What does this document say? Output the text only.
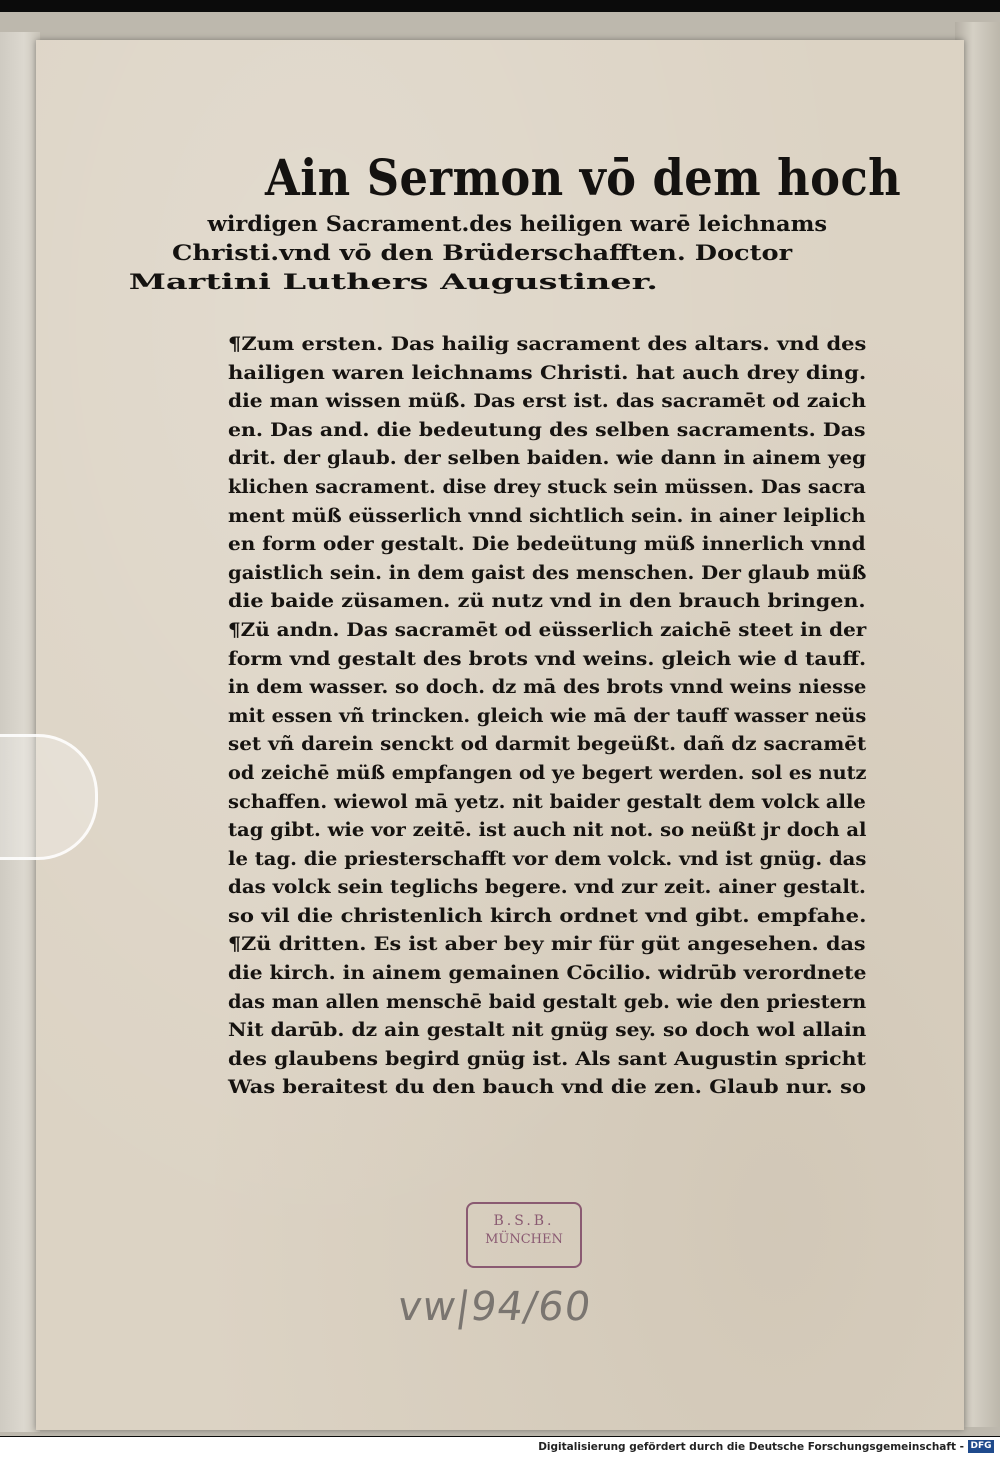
Ain Sermon vō dem hoch
wirdigen Sacrament.des heiligen warē leichnams
Christi.vnd vō den Brüderschafften. Doctor
Martini Luthers Augustiner.
¶Zum ersten. Das hailig sacrament des altars. vnd des
hailigen waren leichnams Christi. hat auch drey ding.
die man wissen müß. Das erst ist. das sacramēt od zaich
en. Das and. die bedeutung des selben sacraments. Das
drit. der glaub. der selben baiden. wie dann in ainem yeg
klichen sacrament. dise drey stuck sein müssen. Das sacra
ment müß eüsserlich vnnd sichtlich sein. in ainer leiplich
en form oder gestalt. Die bedeütung müß innerlich vnnd
gaistlich sein. in dem gaist des menschen. Der glaub müß
die baide züsamen. zü nutz vnd in den brauch bringen.
¶Zü andn. Das sacramēt od eüsserlich zaichē steet in der
form vnd gestalt des brots vnd weins. gleich wie d tauff.
in dem wasser. so doch. dz mā des brots vnnd weins niesse
mit essen vñ trincken. gleich wie mā der tauff wasser neüs
set vñ darein senckt od darmit begeüßt. dañ dz sacramēt
od zeichē müß empfangen od ye begert werden. sol es nutz
schaffen. wiewol mā yetz. nit baider gestalt dem volck alle
tag gibt. wie vor zeitē. ist auch nit not. so neüßt jr doch al
le tag. die priesterschafft vor dem volck. vnd ist gnüg. das
das volck sein teglichs begere. vnd zur zeit. ainer gestalt.
so vil die christenlich kirch ordnet vnd gibt. empfahe.
¶Zü dritten. Es ist aber bey mir für güt angesehen. das
die kirch. in ainem gemainen Cōcilio. widrūb verordnete
das man allen menschē baid gestalt geb. wie den priestern
Nit darūb. dz ain gestalt nit gnüg sey. so doch wol allain
des glaubens begird gnüg ist. Als sant Augustin spricht
Was beraitest du den bauch vnd die zen. Glaub nur. so
B.S.B.
MÜNCHEN
vw|94/60
Digitalisierung gefördert durch die Deutsche Forschungsgemeinschaft - DFG
